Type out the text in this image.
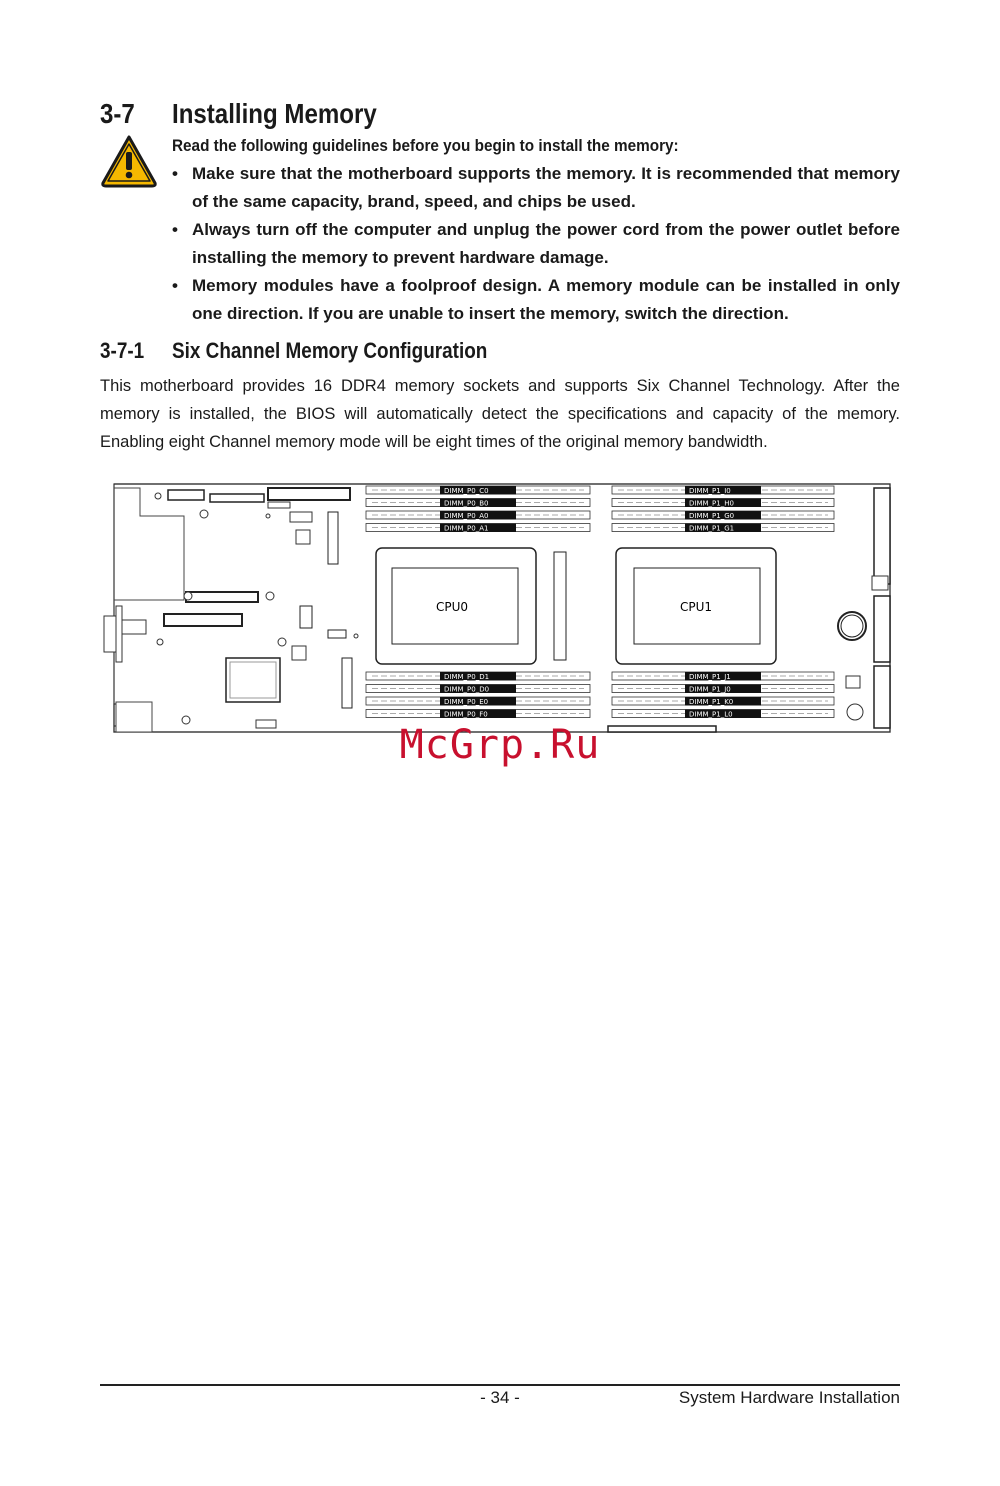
3-7 Installing Memory
Read the following guidelines before you begin to install the memory:
• Make sure that the motherboard supports the memory. It is recommended that memory of the same capacity, brand, speed, and chips be used.
• Always turn off the computer and unplug the power cord from the power outlet before installing the memory to prevent hardware damage.
• Memory modules have a foolproof design. A memory module can be installed in only one direction. If you are unable to insert the memory, switch the direction.
3-7-1 Six Channel Memory Configuration
This motherboard provides 16 DDR4 memory sockets and supports Six Channel Technology. After the memory is installed, the BIOS will automatically detect the specifications and capacity of the memory. Enabling eight Channel memory mode will be eight times of the original memory bandwidth.
CPU0	CPU1
DIMM_P0_C0
DIMM_P0_B0
DIMM_P0_A0
DIMM_P0_A1
DIMM_P0_D1
DIMM_P0_D0
DIMM_P0_E0
DIMM_P0_F0
DIMM_P1_I0
DIMM_P1_H0
DIMM_P1_G0
DIMM_P1_G1
DIMM_P1_J1
DIMM_P1_J0
DIMM_P1_K0
DIMM_P1_L0
McGrp.Ru
- 34 -	System Hardware Installation
